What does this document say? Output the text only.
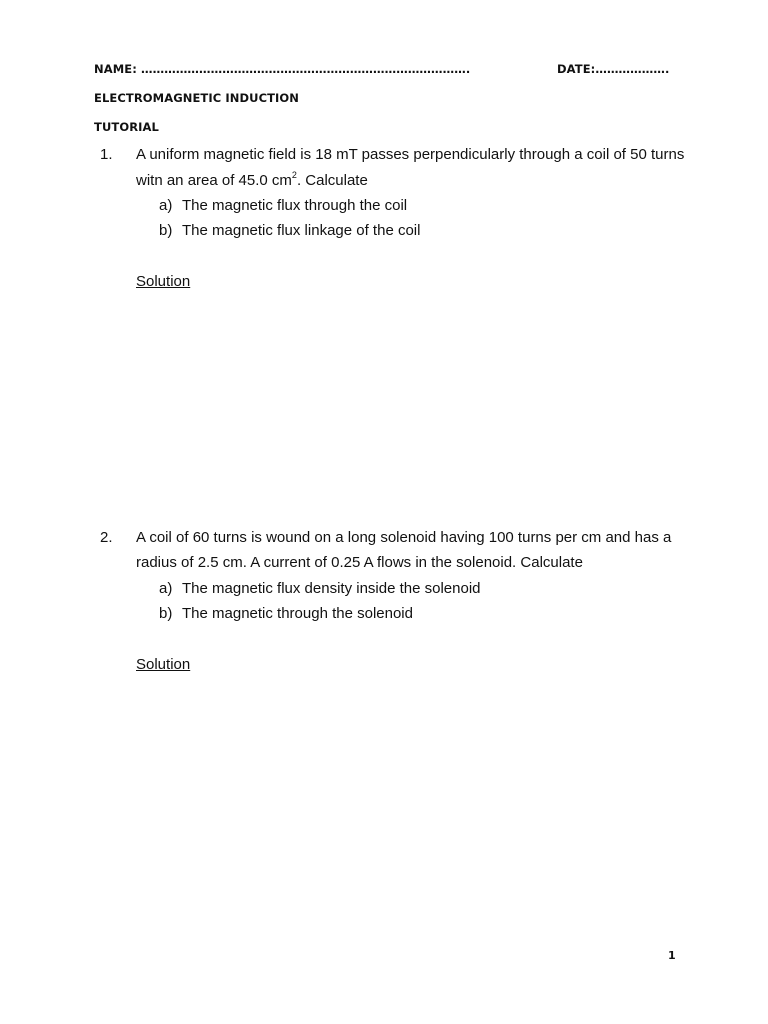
NAME: ………………………………………………………………………….	DATE:……………….
ELECTROMAGNETIC INDUCTION
TUTORIAL
1. A uniform magnetic field is 18 mT passes perpendicularly through a coil of 50 turns
witn an area of 45.0 $cm^2$. Calculate
a) The magnetic flux through the coil
b) The magnetic flux linkage of the coil
Solution
2. A coil of 60 turns is wound on a long solenoid having 100 turns per cm and has a
radius of 2.5 cm. A current of 0.25 A flows in the solenoid. Calculate
a) The magnetic flux density inside the solenoid
b) The magnetic through the solenoid
Solution
1
